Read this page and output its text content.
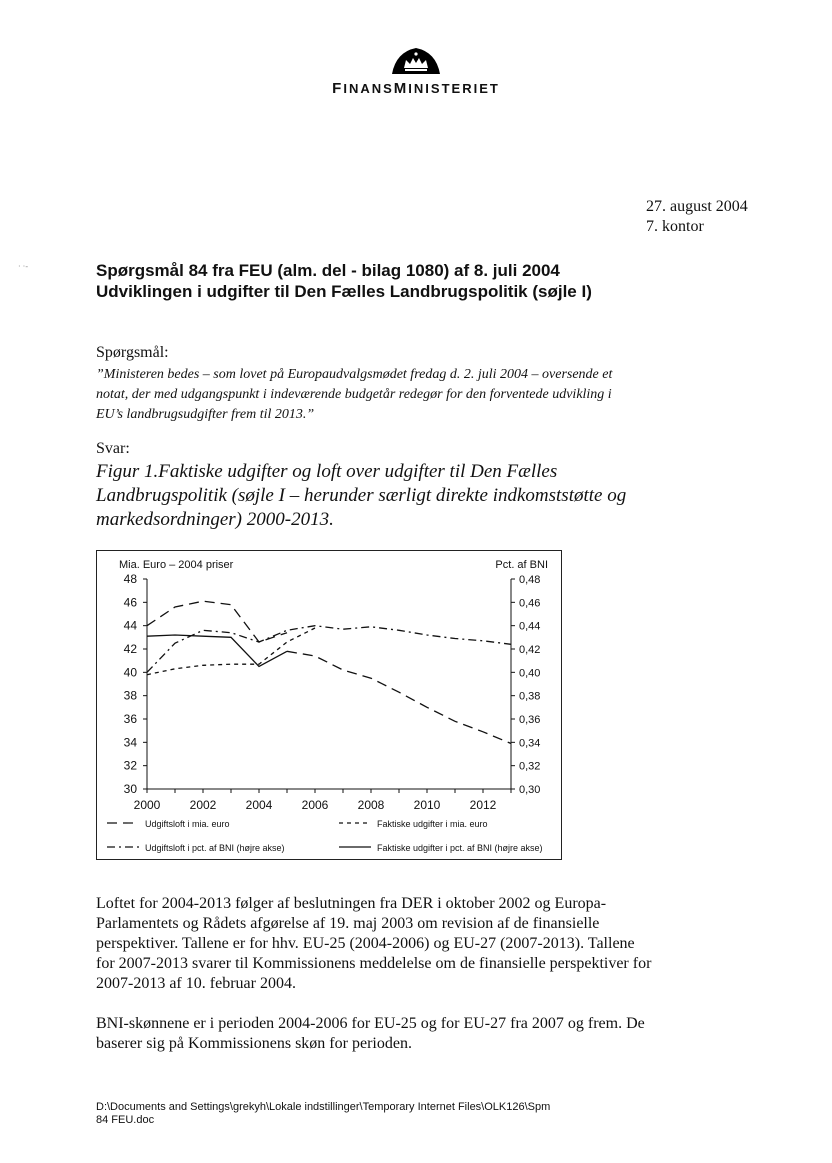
FINANSMINISTERIET
27. august 2004
7. kontor
· ·-	Spørgsmål 84 fra FEU (alm. del - bilag 1080) af 8. juli 2004 Udviklingen i udgifter til Den Fælles Landbrugspolitik (søjle I)
Spørgsmål:
”Ministeren bedes – som lovet på Europaudvalgsmødet fredag d. 2. juli 2004 – oversende et notat, der med udgangspunkt i indeværende budgetår redegør for den forventede udvikling i EU’s landbrugsudgifter frem til 2013.”
Svar:
Figur 1.Faktiske udgifter og loft over udgifter til Den Fælles Landbrugspolitik (søjle I – herunder særligt direkte indkomststøtte og markedsordninger) 2000-2013.
Mia. Euro – 2004 priser	Pct. af BNI
48
46
44
42
40
38
36
34
32
30
0,48
0,46
0,44
0,42
0,40
0,38
0,36
0,34
0,32
0,30
2000 2002 2004 2006 2008 2010 2012
Udgiftsloft i mia. euro	Faktiske udgifter i mia. euro
Udgiftsloft i pct. af BNI (højre akse)	Faktiske udgifter i pct. af BNI (højre akse)
Loftet for 2004-2013 følger af beslutningen fra DER i oktober 2002 og Europa-Parlamentets og Rådets afgørelse af 19. maj 2003 om revision af de finansielle perspektiver. Tallene er for hhv. EU-25 (2004-2006) og EU-27 (2007-2013). Tallene for 2007-2013 svarer til Kommissionens meddelelse om de finansielle perspektiver for 2007-2013 af 10. februar 2004.
BNI-skønnene er i perioden 2004-2006 for EU-25 og for EU-27 fra 2007 og frem. De baserer sig på Kommissionens skøn for perioden.
D:\Documents and Settings\grekyh\Lokale indstillinger\Temporary Internet Files\OLK126\Spm
84 FEU.doc
